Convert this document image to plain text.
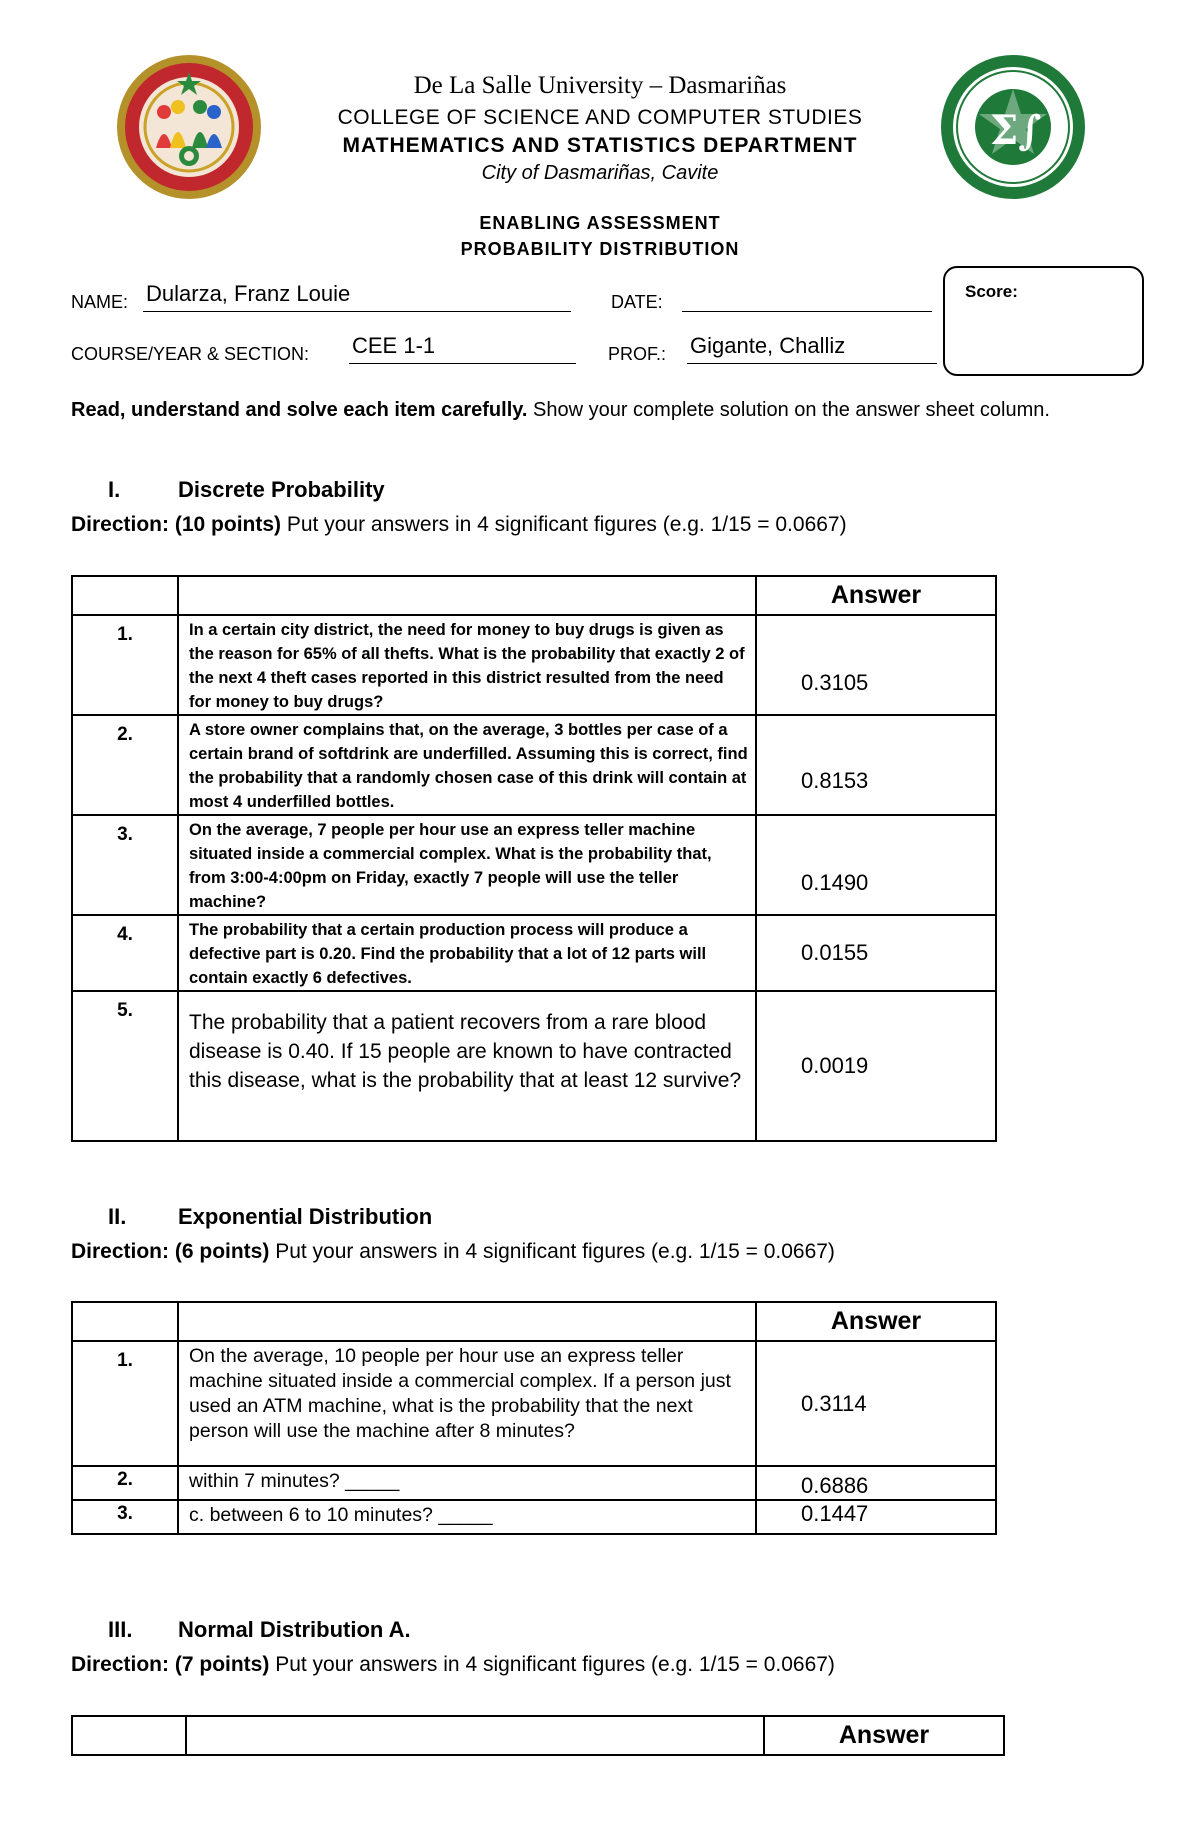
Σ∫
De La Salle University – Dasmariñas
COLLEGE OF SCIENCE AND COMPUTER STUDIES
MATHEMATICS AND STATISTICS DEPARTMENT
City of Dasmariñas, Cavite
ENABLING ASSESSMENT
PROBABILITY DISTRIBUTION
NAME: Dularza, Franz Louie	DATE:
COURSE/YEAR & SECTION: CEE 1-1	PROF.: Gigante, Challiz
Score:
Read, understand and solve each item carefully. Show your complete solution on the answer sheet column.
I.	Discrete Probability
Direction: (10 points) Put your answers in 4 significant figures (e.g. 1/15 = 0.0667)
		Answer
1.	In a certain city district, the need for money to buy drugs is given as the reason for 65% of all thefts. What is the probability that exactly 2 of the next 4 theft cases reported in this district resulted from the need for money to buy drugs?	0.3105
2.	A store owner complains that, on the average, 3 bottles per case of a certain brand of softdrink are underfilled. Assuming this is correct, find the probability that a randomly chosen case of this drink will contain at most 4 underfilled bottles.	0.8153
3.	On the average, 7 people per hour use an express teller machine situated inside a commercial complex. What is the probability that, from 3:00-4:00pm on Friday, exactly 7 people will use the teller machine?	0.1490
4.	The probability that a certain production process will produce a defective part is 0.20. Find the probability that a lot of 12 parts will contain exactly 6 defectives.	0.0155
5.	The probability that a patient recovers from a rare blood disease is 0.40. If 15 people are known to have contracted this disease, what is the probability that at least 12 survive?	0.0019
II. Exponential Distribution
Direction: (6 points) Put your answers in 4 significant figures (e.g. 1/15 = 0.0667)
		Answer
1.	On the average, 10 people per hour use an express teller machine situated inside a commercial complex. If a person just used an ATM machine, what is the probability that the next person will use the machine after 8 minutes?	0.3114
2.	within 7 minutes? _____	0.6886
3.	c. between 6 to 10 minutes? _____	0.1447
III. Normal Distribution A.
Direction: (7 points) Put your answers in 4 significant figures (e.g. 1/15 = 0.0667)
		Answer
